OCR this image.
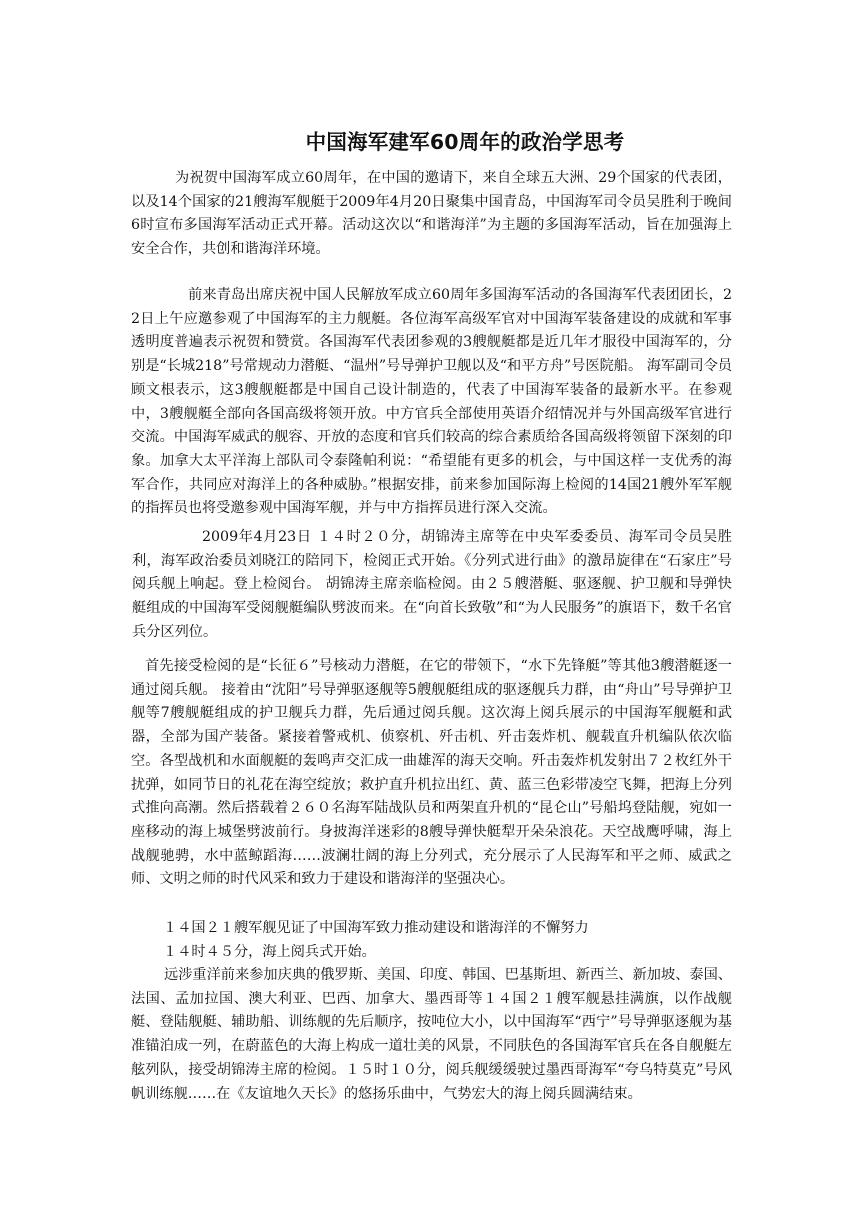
中国海军建军60周年的政治学思考

为祝贺中国海军成立60周年，在中国的邀请下，来自全球五大洲、29个国家的代表团，以及14个国家的21艘海军舰艇于2009年4月20日聚集中国青岛，中国海军司令员吴胜利于晚间6时宣布多国海军活动正式开幕。活动这次以“和谐海洋”为主题的多国海军活动，旨在加强海上安全合作，共创和谐海洋环境。

前来青岛出席庆祝中国人民解放军成立60周年多国海军活动的各国海军代表团团长，22日上午应邀参观了中国海军的主力舰艇。各位海军高级军官对中国海军装备建设的成就和军事透明度普遍表示祝贺和赞赏。各国海军代表团参观的3艘舰艇都是近几年才服役中国海军的，分别是“长城218”号常规动力潜艇、“温州”号导弹护卫舰以及“和平方舟”号医院船。 海军副司令员顾文根表示，这3艘舰艇都是中国自己设计制造的，代表了中国海军装备的最新水平。在参观中，3艘舰艇全部向各国高级将领开放。中方官兵全部使用英语介绍情况并与外国高级军官进行交流。中国海军威武的舰容、开放的态度和官兵们较高的综合素质给各国高级将领留下深刻的印象。加拿大太平洋海上部队司令泰隆帕利说：“希望能有更多的机会，与中国这样一支优秀的海军合作，共同应对海洋上的各种威胁。”根据安排，前来参加国际海上检阅的14国21艘外军军舰的指挥员也将受邀参观中国海军舰，并与中方指挥员进行深入交流。

2009年4月23日 １４时２０分，胡锦涛主席等在中央军委委员、海军司令员吴胜利，海军政治委员刘晓江的陪同下，检阅正式开始。《分列式进行曲》的激昂旋律在“石家庄”号阅兵舰上响起。登上检阅台。 胡锦涛主席亲临检阅。由２５艘潜艇、驱逐舰、护卫舰和导弹快艇组成的中国海军受阅舰艇编队劈波而来。在“向首长致敬”和“为人民服务”的旗语下，数千名官兵分区列位。

首先接受检阅的是“长征６”号核动力潜艇，在它的带领下，“水下先锋艇”等其他3艘潜艇逐一通过阅兵舰。 接着由“沈阳”号导弹驱逐舰等5艘舰艇组成的驱逐舰兵力群，由“舟山”号导弹护卫舰等7艘舰艇组成的护卫舰兵力群，先后通过阅兵舰。这次海上阅兵展示的中国海军舰艇和武器，全部为国产装备。紧接着警戒机、侦察机、歼击机、歼击轰炸机、舰载直升机编队依次临空。各型战机和水面舰艇的轰鸣声交汇成一曲雄浑的海天交响。歼击轰炸机发射出７２枚红外干扰弹，如同节日的礼花在海空绽放；救护直升机拉出红、黄、蓝三色彩带凌空飞舞，把海上分列式推向高潮。然后搭载着２６０名海军陆战队员和两架直升机的“昆仑山”号船坞登陆舰，宛如一座移动的海上城堡劈波前行。身披海洋迷彩的8艘导弹快艇犁开朵朵浪花。天空战鹰呼啸，海上战舰驰骋，水中蓝鲸蹈海……波澜壮阔的海上分列式，充分展示了人民海军和平之师、威武之师、文明之师的时代风采和致力于建设和谐海洋的坚强决心。

１４国２１艘军舰见证了中国海军致力推动建设和谐海洋的不懈努力

１４时４５分，海上阅兵式开始。

远涉重洋前来参加庆典的俄罗斯、美国、印度、韩国、巴基斯坦、新西兰、新加坡、泰国、法国、孟加拉国、澳大利亚、巴西、加拿大、墨西哥等１４国２１艘军舰悬挂满旗，以作战舰艇、登陆舰艇、辅助船、训练舰的先后顺序，按吨位大小，以中国海军“西宁”号导弹驱逐舰为基准锚泊成一列，在蔚蓝色的大海上构成一道壮美的风景，不同肤色的各国海军官兵在各自舰艇左舷列队，接受胡锦涛主席的检阅。１５时１０分，阅兵舰缓缓驶过墨西哥海军“夸乌特莫克”号风帆训练舰……在《友谊地久天长》的悠扬乐曲中，气势宏大的海上阅兵圆满结束。
